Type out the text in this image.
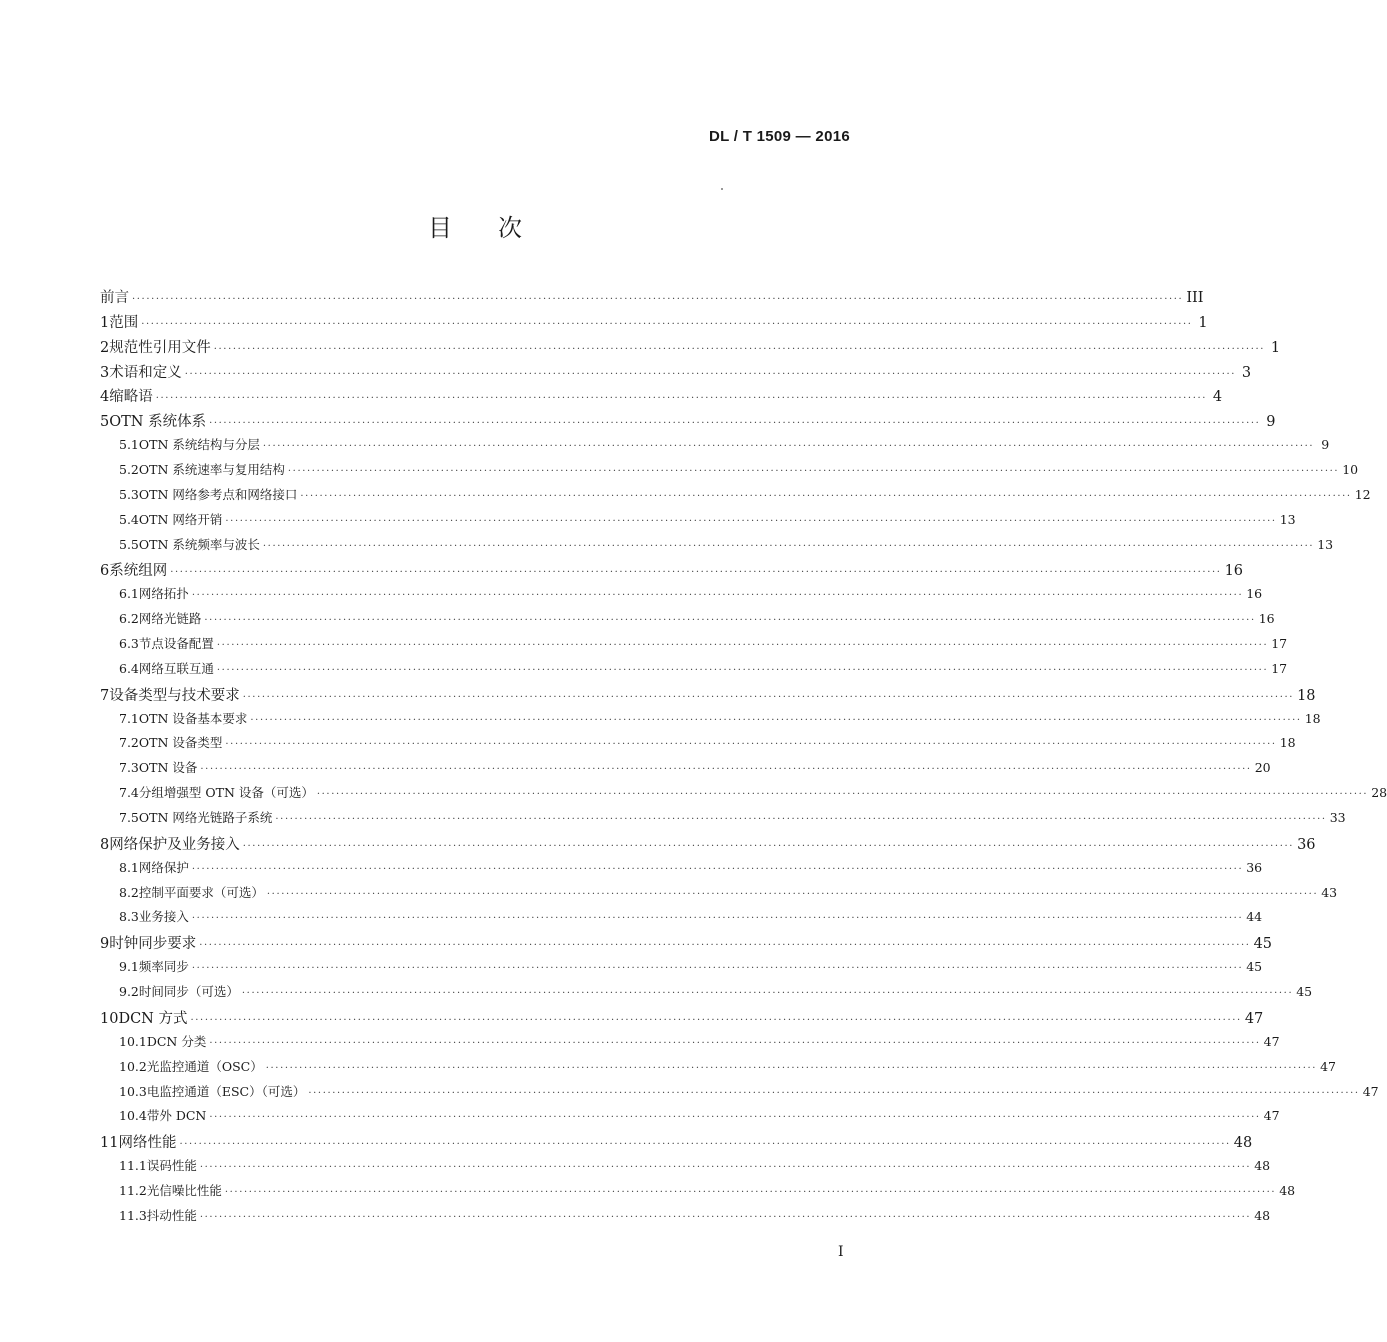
DL / T 1509 — 2016
目次
前言 ···························································································································································································································· III
1 范围 ···························································································································································································································· 1
2 规范性引用文件 ···························································································································································································································· 1
3 术语和定义 ···························································································································································································································· 3
4 缩略语 ···························································································································································································································· 4
5 OTN 系统体系 ···························································································································································································································· 9
5.1 OTN 系统结构与分层 ···························································································································································································································· 9
5.2 OTN 系统速率与复用结构 ···························································································································································································································· 10
5.3 OTN 网络参考点和网络接口 ···························································································································································································································· 12
5.4 OTN 网络开销 ···························································································································································································································· 13
5.5 OTN 系统频率与波长 ···························································································································································································································· 13
6 系统组网 ···························································································································································································································· 16
6.1 网络拓扑 ···························································································································································································································· 16
6.2 网络光链路 ···························································································································································································································· 16
6.3 节点设备配置 ···························································································································································································································· 17
6.4 网络互联互通 ···························································································································································································································· 17
7 设备类型与技术要求 ···························································································································································································································· 18
7.1 OTN 设备基本要求 ···························································································································································································································· 18
7.2 OTN 设备类型 ···························································································································································································································· 18
7.3 OTN 设备 ···························································································································································································································· 20
7.4 分组增强型 OTN 设备（可选） ···························································································································································································································· 28
7.5 OTN 网络光链路子系统 ···························································································································································································································· 33
8 网络保护及业务接入 ···························································································································································································································· 36
8.1 网络保护 ···························································································································································································································· 36
8.2 控制平面要求（可选） ···························································································································································································································· 43
8.3 业务接入 ···························································································································································································································· 44
9 时钟同步要求 ···························································································································································································································· 45
9.1 频率同步 ···························································································································································································································· 45
9.2 时间同步（可选） ···························································································································································································································· 45
10 DCN 方式 ···························································································································································································································· 47
10.1 DCN 分类 ···························································································································································································································· 47
10.2 光监控通道（OSC） ···························································································································································································································· 47
10.3 电监控通道（ESC）（可选） ···························································································································································································································· 47
10.4 带外 DCN ···························································································································································································································· 47
11 网络性能 ···························································································································································································································· 48
11.1 误码性能 ···························································································································································································································· 48
11.2 光信噪比性能 ···························································································································································································································· 48
11.3 抖动性能 ···························································································································································································································· 48
I
